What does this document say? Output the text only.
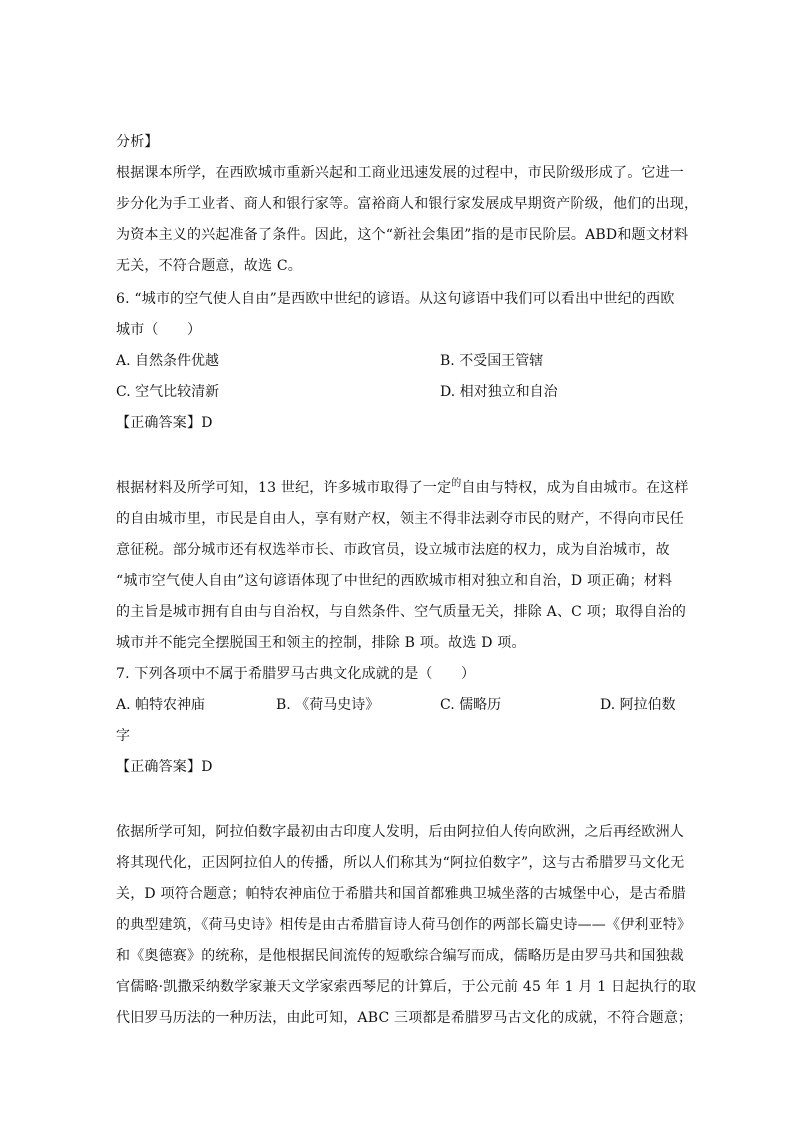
分析】
根据课本所学，在西欧城市重新兴起和工商业迅速发展的过程中，市民阶级形成了。它进一
步分化为手工业者、商人和银行家等。富裕商人和银行家发展成早期资产阶级，他们的出现，
为资本主义的兴起准备了条件。因此，这个“新社会集团”指的是市民阶层。ABD和题文材料
无关，不符合题意，故选 C。
6. “城市的空气使人自由”是西欧中世纪的谚语。从这句谚语中我们可以看出中世纪的西欧
城市（　　）
A. 自然条件优越	B. 不受国王管辖
C. 空气比较清新	D. 相对独立和自治
【正确答案】D
根据材料及所学可知，13 世纪，许多城市取得了一定$^的$自由与特权，成为自由城市。在这样
的自由城市里，市民是自由人，享有财产权，领主不得非法剥夺市民的财产，不得向市民任
意征税。部分城市还有权选举市长、市政官员，设立城市法庭的权力，成为自治城市，故
“城市空气使人自由”这句谚语体现了中世纪的西欧城市相对独立和自治，D 项正确；材料
的主旨是城市拥有自由与自治权，与自然条件、空气质量无关，排除 A、C 项；取得自治的
城市并不能完全摆脱国王和领主的控制，排除 B 项。故选 D 项。
7. 下列各项中不属于希腊罗马古典文化成就的是（　　）
A. 帕特农神庙	B. 《荷马史诗》	C. 儒略历	D. 阿拉伯数
字
【正确答案】D
依据所学可知，阿拉伯数字最初由古印度人发明，后由阿拉伯人传向欧洲，之后再经欧洲人
将其现代化，正因阿拉伯人的传播，所以人们称其为“阿拉伯数字”，这与古希腊罗马文化无
关，D 项符合题意；帕特农神庙位于希腊共和国首都雅典卫城坐落的古城堡中心，是古希腊
的典型建筑，《荷马史诗》相传是由古希腊盲诗人荷马创作的两部长篇史诗——《伊利亚特》
和《奥德赛》的统称，是他根据民间流传的短歌综合编写而成，儒略历是由罗马共和国独裁
官儒略·凯撒采纳数学家兼天文学家索西琴尼的计算后，于公元前 45 年 1 月 1 日起执行的取
代旧罗马历法的一种历法，由此可知，ABC 三项都是希腊罗马古文化的成就，不符合题意；
